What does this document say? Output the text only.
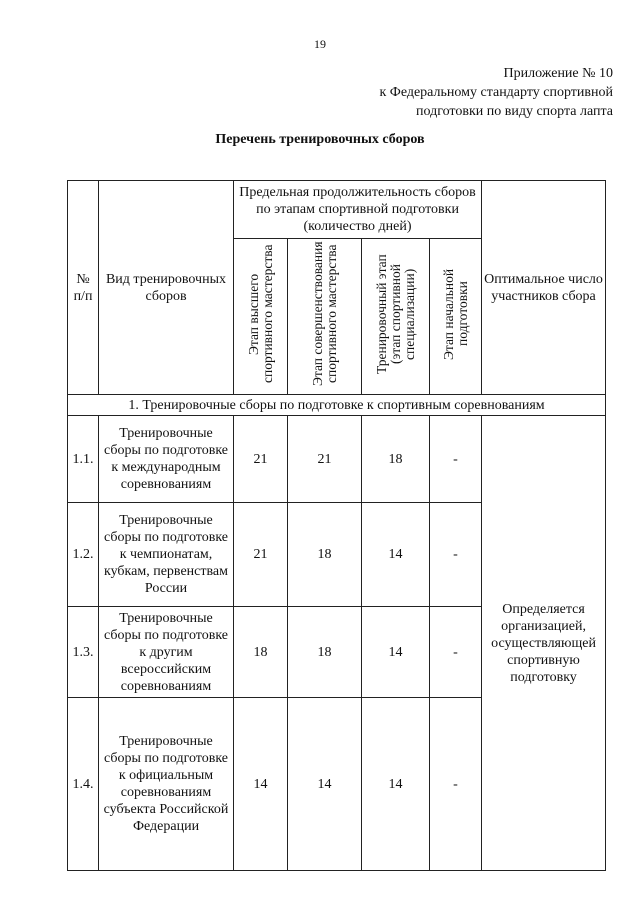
19
Приложение № 10
к Федеральному стандарту спортивной
подготовки по виду спорта лапта
Перечень тренировочных сборов
№ п/п	Вид тренировочных сборов	Предельная продолжительность сборов по этапам спортивной подготовки (количество дней)				Оптимальное число участников сбора
		Этап высшего спортивного мастерства	Этап совершенствования спортивного мастерства	Тренировочный этап (этап спортивной специализации)	Этап начальной подготовки	
1. Тренировочные сборы по подготовке к спортивным соревнованиям						
1.1.	Тренировочные сборы по подготовке к международным соревнованиям	21	21	18	-	Определяется организацией, осуществляющей спортивную подготовку
1.2.	Тренировочные сборы по подготовке к чемпионатам, кубкам, первенствам России	21	18	14	-	
1.3.	Тренировочные сборы по подготовке к другим всероссийским соревнованиям	18	18	14	-	
1.4.	Тренировочные сборы по подготовке к официальным соревнованиям субъекта Российской Федерации	14	14	14	-	
